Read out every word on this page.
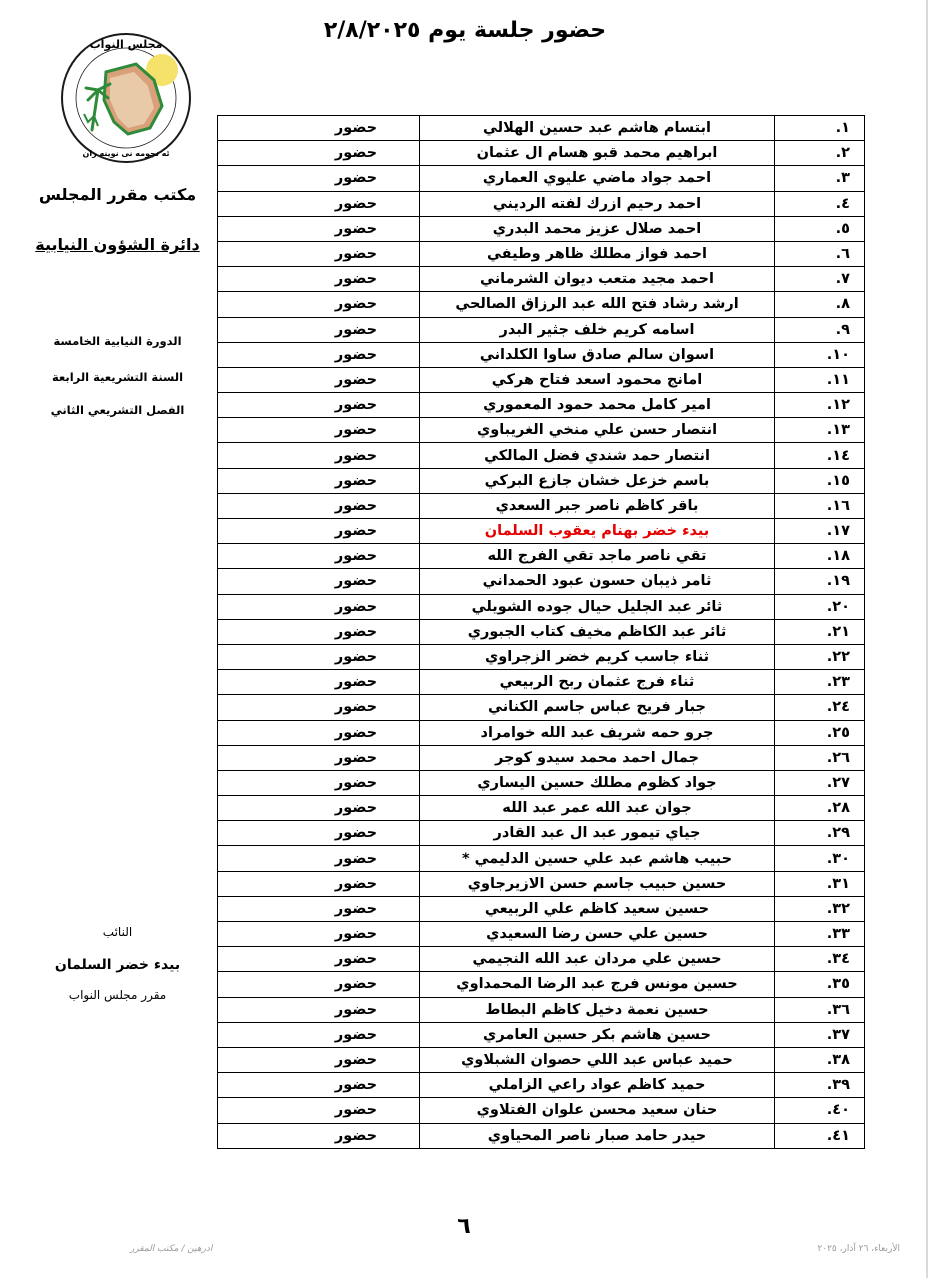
حضور جلسة يوم ٢/٨/٢٠٢٥
مجلس النواب
ئه نجومه نی نوینه ران
مكتب مقرر المجلس
دائرة الشؤون النيابية
الدورة النيابية الخامسة
السنة التشريعية الرابعة
الفصل التشريعي الثاني
النائب
بيدء خضر السلمان
مقرر مجلس النواب
١.	ابتسام هاشم عبد حسين الهلالي	حضور
٢.	ابراهيم محمد قبو هسام ال عثمان	حضور
٣.	احمد جواد ماضي عليوي العماري	حضور
٤.	احمد رحيم ازرك لفته الرديني	حضور
٥.	احمد صلال عزيز محمد البدري	حضور
٦.	احمد فواز مطلك ظاهر وطيفي	حضور
٧.	احمد مجيد متعب ديوان الشرماني	حضور
٨.	ارشد رشاد فتح الله عبد الرزاق الصالحي	حضور
٩.	اسامه كريم خلف جثير البدر	حضور
١٠.	اسوان سالم صادق ساوا الكلداني	حضور
١١.	امانج محمود اسعد فتاح هركي	حضور
١٢.	امير كامل محمد حمود المعموري	حضور
١٣.	انتصار حسن علي منخي الغريباوي	حضور
١٤.	انتصار حمد شندي فضل المالكي	حضور
١٥.	باسم خزعل خشان جازع البركي	حضور
١٦.	باقر كاظم ناصر جبر السعدي	حضور
١٧.	بيدء خضر بهنام يعقوب السلمان	حضور
١٨.	تقي ناصر ماجد تقي الفرج الله	حضور
١٩.	ثامر ذيبان حسون عبود الحمداني	حضور
٢٠.	ثائر عبد الجليل حيال جوده الشويلي	حضور
٢١.	ثائر عبد الكاظم مخيف كتاب الجبوري	حضور
٢٢.	ثناء جاسب كريم خضر الزجراوي	حضور
٢٣.	ثناء فرج عثمان ربح الربيعي	حضور
٢٤.	جبار فريح عباس جاسم الكناني	حضور
٢٥.	جرو حمه شريف عبد الله خوامراد	حضور
٢٦.	جمال احمد محمد سيدو كوجر	حضور
٢٧.	جواد كظوم مطلك حسين اليساري	حضور
٢٨.	جوان عبد الله عمر عبد الله	حضور
٢٩.	جياي تيمور عبد ال عبد القادر	حضور
٣٠.	حبيب هاشم عبد علي حسين الدليمي *	حضور
٣١.	حسين حبيب جاسم حسن الازيرجاوي	حضور
٣٢.	حسين سعيد كاظم علي الربيعي	حضور
٣٣.	حسين علي حسن رضا السعيدي	حضور
٣٤.	حسين علي مردان عبد الله النجيمي	حضور
٣٥.	حسين مونس فرج عبد الرضا المحمداوي	حضور
٣٦.	حسين نعمة دخيل كاظم البطاط	حضور
٣٧.	حسين هاشم بكر حسين العامري	حضور
٣٨.	حميد عباس عبد اللي حصوان الشبلاوي	حضور
٣٩.	حميد كاظم عواد راعي الزاملي	حضور
٤٠.	حنان سعيد محسن علوان الفتلاوي	حضور
٤١.	حيدر حامد صبار ناصر المحياوي	حضور
٦
ادرهين / مكتب المقرر	الأربعاء، ٢٦ آذار، ٢٠٢٥
